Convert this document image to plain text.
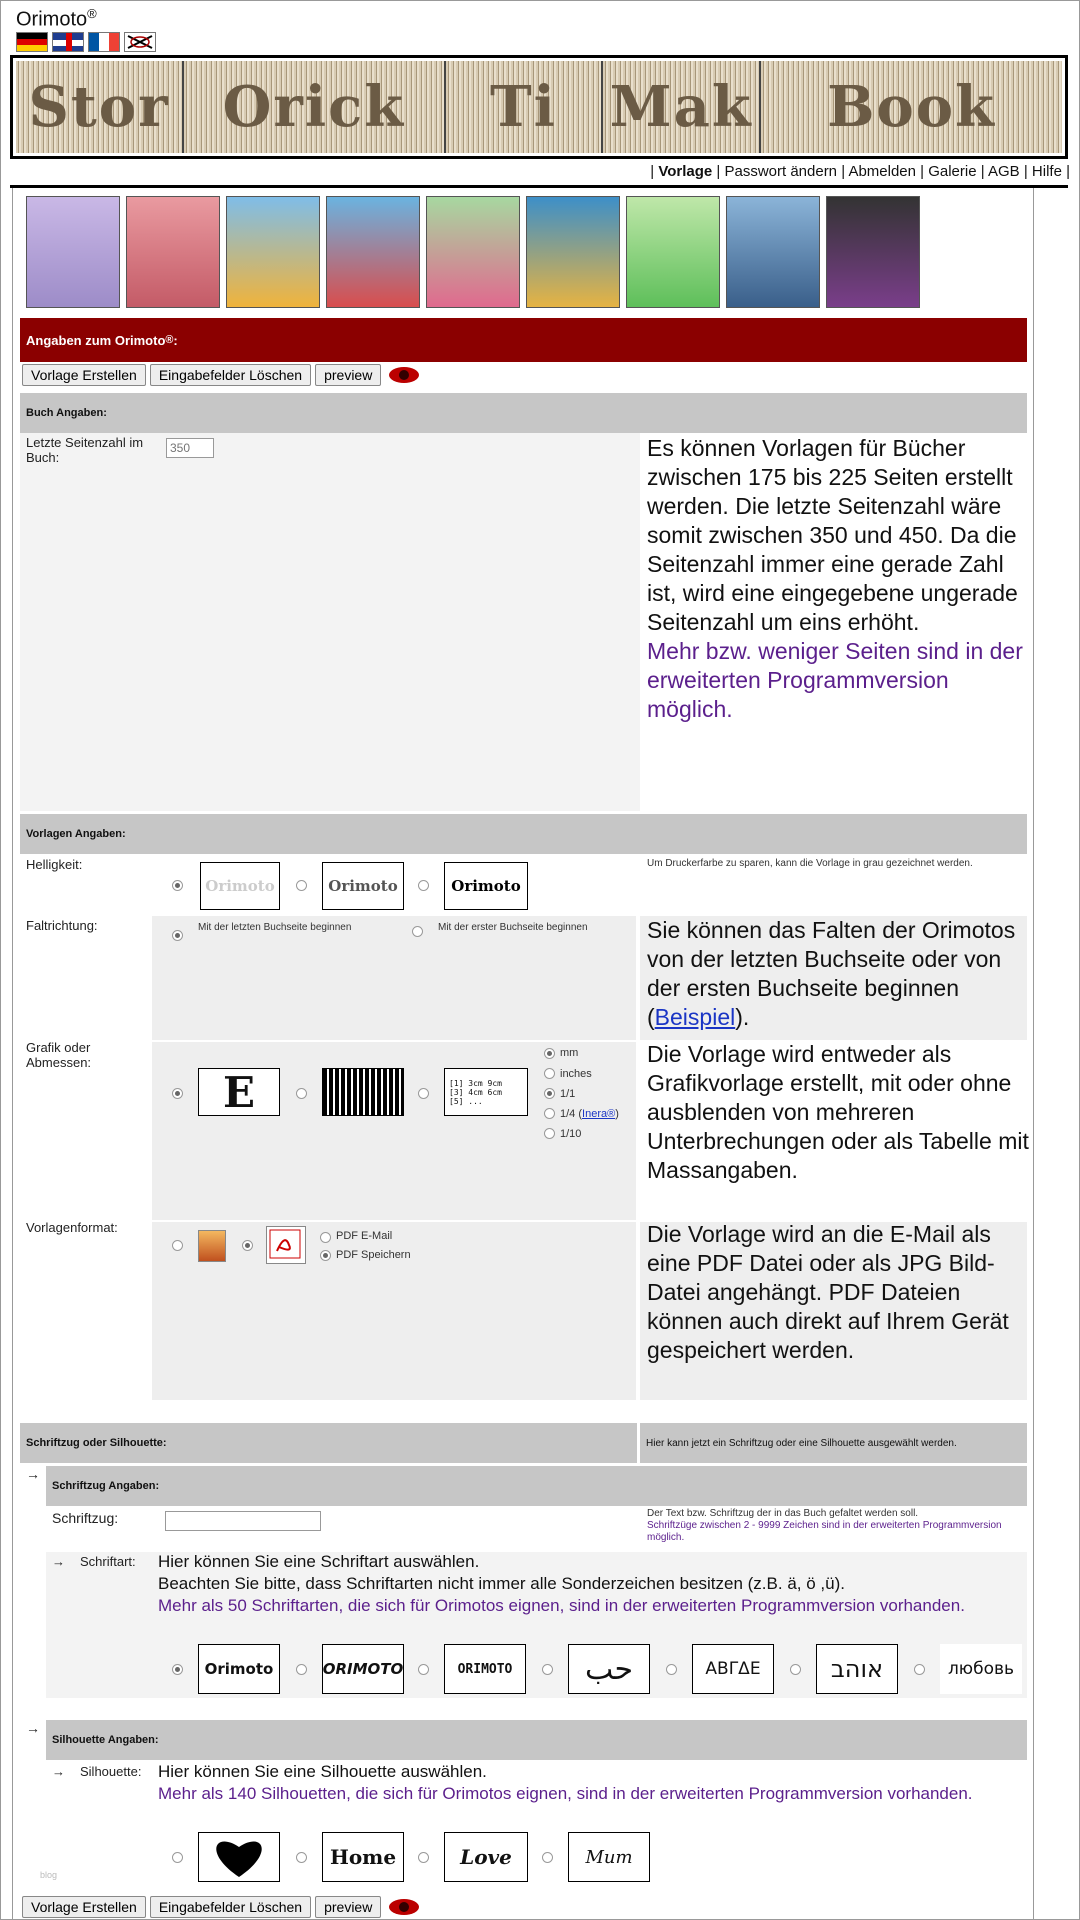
Orimoto®
Stor Orick	Ti Mak	Book
| Vorlage | Passwort ändern | Abmelden | Galerie | AGB | Hilfe |
Angaben zum Orimoto ® :
Vorlage Erstellen	Eingabefelder Löschen	preview
Buch Angaben:
Letzte Seitenzahl im Buch:
350	Es können Vorlagen für Bücher zwischen 175 bis 225 Seiten erstellt werden. Die letzte Seitenzahl wäre somit zwischen 350 und 450. Da die Seitenzahl immer eine gerade Zahl ist, wird eine eingegebene ungerade Seitenzahl um eins erhöht.
Mehr bzw. weniger Seiten sind in der erweiterten Programmversion möglich.
Vorlagen Angaben:
Helligkeit:
Orimoto	Orimoto	Orimoto
Um Druckerfarbe zu sparen, kann die Vorlage in grau gezeichnet werden.
Faltrichtung:	Mit der letzten Buchseite beginnen	Mit der erster Buchseite beginnen	Sie können das Falten der Orimotos von der letzten Buchseite oder von der ersten Buchseite beginnen (Beispiel).
Grafik oder Abmessen:
E	[1] 3cm 9cm
[3] 4cm 6cm
[5] ...
mm
inches
1/1
1/4 (Inera®)
1/10
Die Vorlage wird entweder als Grafikvorlage erstellt, mit oder ohne ausblenden von mehreren Unterbrechungen oder als Tabelle mit Massangaben.
Vorlagenformat:
PDF E-Mail
PDF Speichern
Die Vorlage wird an die E-Mail als eine PDF Datei oder als JPG Bild-Datei angehängt. PDF Dateien können auch direkt auf Ihrem Gerät gespeichert werden.
Schriftzug oder Silhouette:	Hier kann jetzt ein Schriftzug oder eine Silhouette ausgewählt werden.
→
Schriftzug Angaben:
Schriftzug:	Der Text bzw. Schriftzug der in das Buch gefaltet werden soll.
Schriftzüge zwischen 2 - 9999 Zeichen sind in der erweiterten Programmversion möglich.
→ Schriftart: Hier können Sie eine Schriftart auswählen.
Beachten Sie bitte, dass Schriftarten nicht immer alle Sonderzeichen besitzen (z.B. ä, ö ,ü).
Mehr als 50 Schriftarten, die sich für Orimotos eignen, sind in der erweiterten Programmversion vorhanden.
Orimoto	ORIMOTO	ORIMOTO	حب	ΑΒΓΔΕ	אוהב	любовь
→
Silhouette Angaben:
→ Silhouette: Hier können Sie eine Silhouette auswählen.
Mehr als 140 Silhouetten, die sich für Orimotos eignen, sind in der erweiterten Programmversion vorhanden.
Home	Love	Mum
blog
Vorlage Erstellen	Eingabefelder Löschen	preview
